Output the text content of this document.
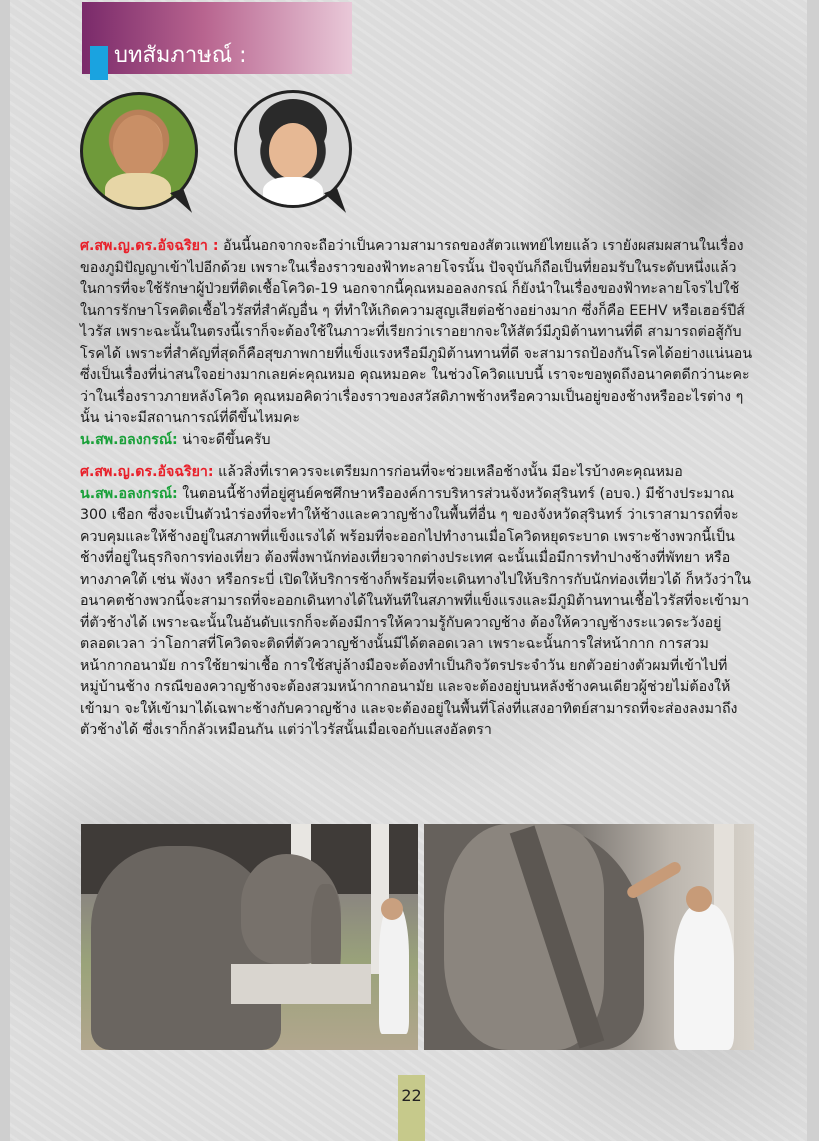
บทสัมภาษณ์ :

ศ.สพ.ญ.ดร.อัจฉริยา : อันนี้นอกจากจะถือว่าเป็นความสามารถของสัตวแพทย์ไทยแล้ว เรายังผสมผสานในเรื่องของภูมิปัญญาเข้าไปอีกด้วย เพราะในเรื่องราวของฟ้าทะลายโจรนั้น ปัจจุบันก็ถือเป็นที่ยอมรับในระดับหนึ่งแล้ว ในการที่จะใช้รักษาผู้ป่วยที่ติดเชื้อโควิด-19 นอกจากนี้คุณหมออลงกรณ์ ก็ยังนำในเรื่องของฟ้าทะลายโจรไปใช้ในการรักษาโรคติดเชื้อไวรัสที่สำคัญอื่น ๆ ที่ทำให้เกิดความสูญเสียต่อช้างอย่างมาก ซึ่งก็คือ EEHV หรือเฮอร์ปีส์ไวรัส เพราะฉะนั้นในตรงนี้เราก็จะต้องใช้ในภาวะที่เรียกว่าเราอยากจะให้สัตว์มีภูมิต้านทานที่ดี สามารถต่อสู้กับโรคได้ เพราะที่สำคัญที่สุดก็คือสุขภาพกายที่แข็งแรงหรือมีภูมิต้านทานที่ดี จะสามารถป้องกันโรคได้อย่างแน่นอน ซึ่งเป็นเรื่องที่น่าสนใจอย่างมากเลยค่ะคุณหมอ คุณหมอคะ ในช่วงโควิดแบบนี้ เราจะขอพูดถึงอนาคตดีกว่านะคะ ว่าในเรื่องราวภายหลังโควิด คุณหมอคิดว่าเรื่องราวของสวัสดิภาพช้างหรือความเป็นอยู่ของช้างหรืออะไรต่าง ๆ นั้น น่าจะมีสถานการณ์ที่ดีขึ้นไหมคะ

น.สพ.อลงกรณ์: น่าจะดีขึ้นครับ

ศ.สพ.ญ.ดร.อัจฉริยา: แล้วสิ่งที่เราควรจะเตรียมการก่อนที่จะช่วยเหลือช้างนั้น มีอะไรบ้างคะคุณหมอ

น.สพ.อลงกรณ์: ในตอนนี้ช้างที่อยู่ศูนย์คชศึกษาหรือองค์การบริหารส่วนจังหวัดสุรินทร์ (อบจ.) มีช้างประมาณ 300 เชือก ซึ่งจะเป็นตัวนำร่องที่จะทำให้ช้างและควาญช้างในพื้นที่อื่น ๆ ของจังหวัดสุรินทร์ ว่าเราสามารถที่จะควบคุมและให้ช้างอยู่ในสภาพที่แข็งแรงได้ พร้อมที่จะออกไปทำงานเมื่อโควิดหยุดระบาด เพราะช้างพวกนี้เป็นช้างที่อยู่ในธุรกิจการท่องเที่ยว ต้องพึ่งพานักท่องเที่ยวจากต่างประเทศ ฉะนั้นเมื่อมีการทำปางช้างที่พัทยา หรือทางภาคใต้ เช่น พังงา หรือกระบี่ เปิดให้บริการช้างก็พร้อมที่จะเดินทางไปให้บริการกับนักท่องเที่ยวได้ ก็หวังว่าในอนาคตช้างพวกนี้จะสามารถที่จะออกเดินทางได้ในทันทีในสภาพที่แข็งแรงและมีภูมิต้านทานเชื้อไวรัสที่จะเข้ามาที่ตัวช้างได้ เพราะฉะนั้นในอันดับแรกก็จะต้องมีการให้ความรู้กับควาญช้าง ต้องให้ควาญช้างระแวดระวังอยู่ตลอดเวลา ว่าโอกาสที่โควิดจะติดที่ตัวควาญช้างนั้นมีได้ตลอดเวลา เพราะฉะนั้นการใส่หน้ากาก การสวมหน้ากากอนามัย การใช้ยาฆ่าเชื้อ การใช้สบู่ล้างมือจะต้องทำเป็นกิจวัตรประจำวัน ยกตัวอย่างตัวผมที่เข้าไปที่หมู่บ้านช้าง กรณีของควาญช้างจะต้องสวมหน้ากากอนามัย และจะต้องอยู่บนหลังช้างคนเดียวผู้ช่วยไม่ต้องให้เข้ามา จะให้เข้ามาได้เฉพาะช้างกับควาญช้าง และจะต้องอยู่ในพื้นที่โล่งที่แสงอาทิตย์สามารถที่จะส่องลงมาถึงตัวช้างได้ ซึ่งเราก็กลัวเหมือนกัน แต่ว่าไวรัสนั้นเมื่อเจอกับแสงอัลตรา

22
